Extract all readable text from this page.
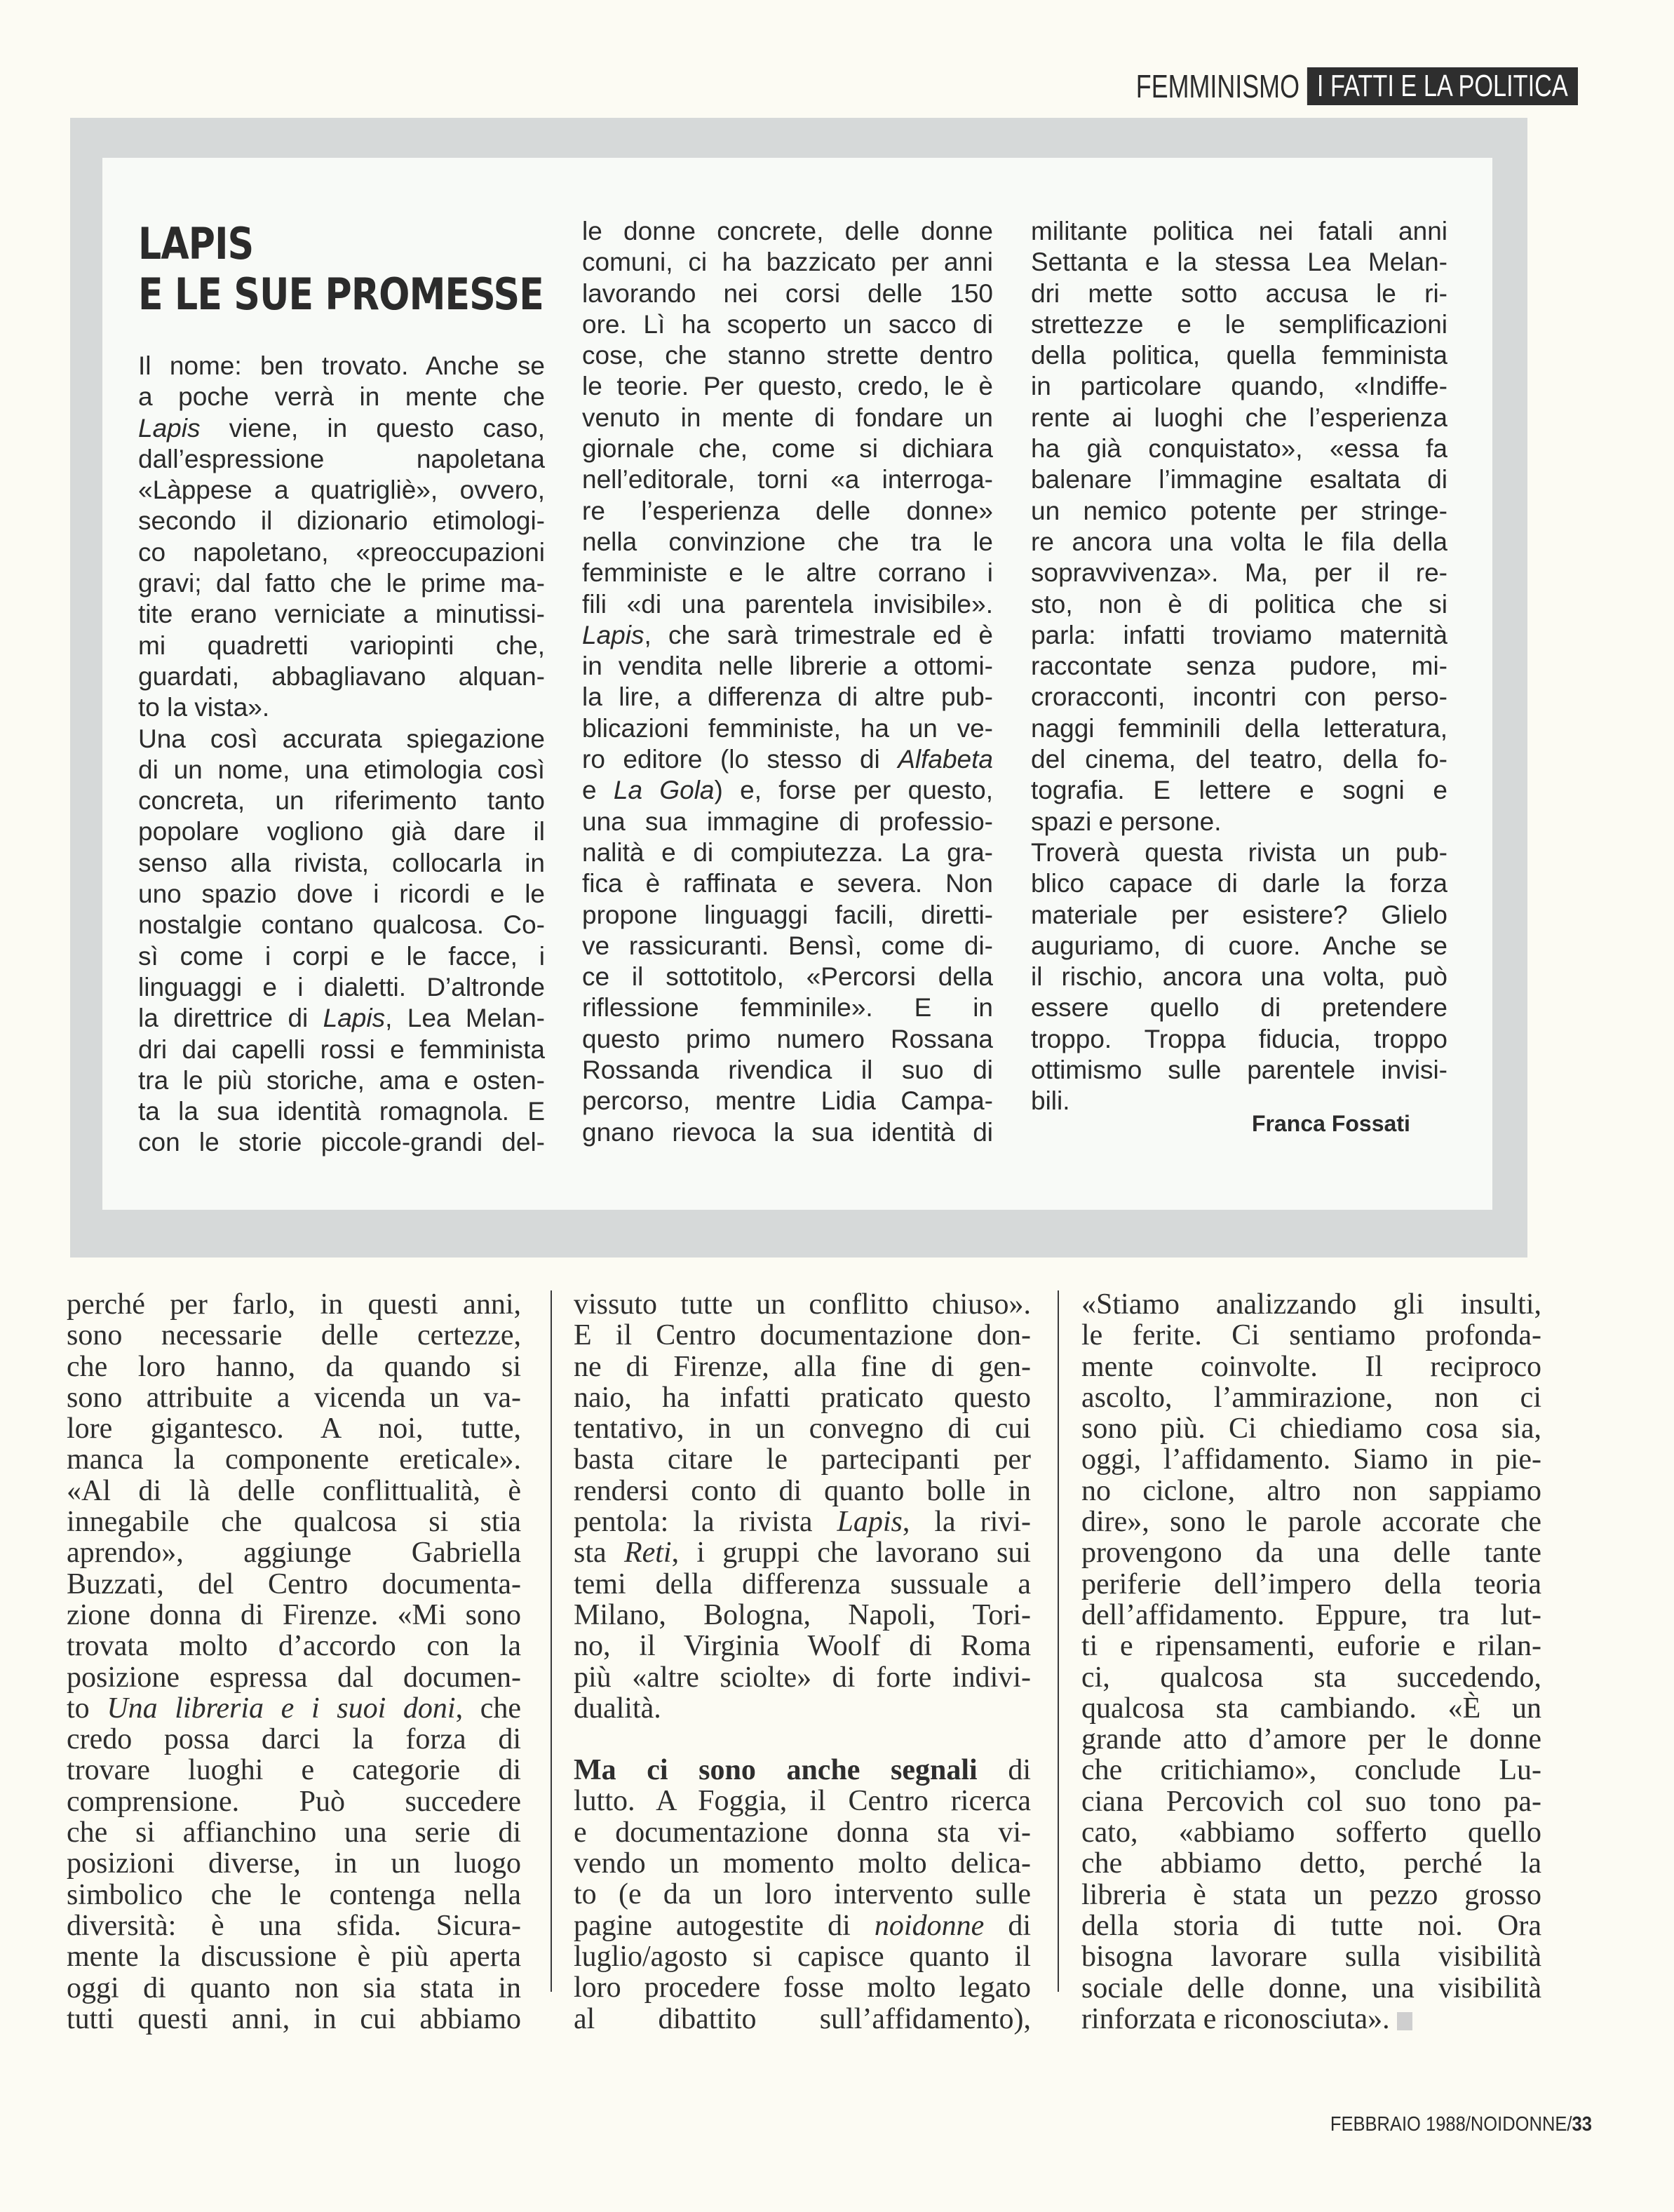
FEMMINISMO I FATTI E LA POLITICA
LAPIS
E LE SUE PROMESSE
Il nome: ben trovato. Anche se
a poche verrà in mente che
Lapis viene, in questo caso,
dall’espressione napoletana
«Làppese a quatrigliè», ovvero,
secondo il dizionario etimologi-
co napoletano, «preoccupazioni
gravi; dal fatto che le prime ma-
tite erano verniciate a minutissi-
mi quadretti variopinti che,
guardati, abbagliavano alquan-
to la vista».
Una così accurata spiegazione
di un nome, una etimologia così
concreta, un riferimento tanto
popolare vogliono già dare il
senso alla rivista, collocarla in
uno spazio dove i ricordi e le
nostalgie contano qualcosa. Co-
sì come i corpi e le facce, i
linguaggi e i dialetti. D’altronde
la direttrice di Lapis, Lea Melan-
dri dai capelli rossi e femminista
tra le più storiche, ama e osten-
ta la sua identità romagnola. E
con le storie piccole-grandi del-
le donne concrete, delle donne
comuni, ci ha bazzicato per anni
lavorando nei corsi delle 150
ore. Lì ha scoperto un sacco di
cose, che stanno strette dentro
le teorie. Per questo, credo, le è
venuto in mente di fondare un
giornale che, come si dichiara
nell’editorale, torni «a interroga-
re l’esperienza delle donne»
nella convinzione che tra le
femministe e le altre corrano i
fili «di una parentela invisibile».
Lapis, che sarà trimestrale ed è
in vendita nelle librerie a ottomi-
la lire, a differenza di altre pub-
blicazioni femministe, ha un ve-
ro editore (lo stesso di Alfabeta
e La Gola) e, forse per questo,
una sua immagine di professio-
nalità e di compiutezza. La gra-
fica è raffinata e severa. Non
propone linguaggi facili, diretti-
ve rassicuranti. Bensì, come di-
ce il sottotitolo, «Percorsi della
riflessione femminile». E in
questo primo numero Rossana
Rossanda rivendica il suo di
percorso, mentre Lidia Campa-
gnano rievoca la sua identità di
militante politica nei fatali anni
Settanta e la stessa Lea Melan-
dri mette sotto accusa le ri-
strettezze e le semplificazioni
della politica, quella femminista
in particolare quando, «Indiffe-
rente ai luoghi che l’esperienza
ha già conquistato», «essa fa
balenare l’immagine esaltata di
un nemico potente per stringe-
re ancora una volta le fila della
sopravvivenza». Ma, per il re-
sto, non è di politica che si
parla: infatti troviamo maternità
raccontate senza pudore, mi-
croracconti, incontri con perso-
naggi femminili della letteratura,
del cinema, del teatro, della fo-
tografia. E lettere e sogni e
spazi e persone.
Troverà questa rivista un pub-
blico capace di darle la forza
materiale per esistere? Glielo
auguriamo, di cuore. Anche se
il rischio, ancora una volta, può
essere quello di pretendere
troppo. Troppa fiducia, troppo
ottimismo sulle parentele invisi-
bili.
Franca Fossati
perché per farlo, in questi anni,
sono necessarie delle certezze,
che loro hanno, da quando si
sono attribuite a vicenda un va-
lore gigantesco. A noi, tutte,
manca la componente ereticale».
«Al di là delle conflittualità, è
innegabile che qualcosa si stia
aprendo», aggiunge Gabriella
Buzzati, del Centro documenta-
zione donna di Firenze. «Mi sono
trovata molto d’accordo con la
posizione espressa dal documen-
to Una libreria e i suoi doni, che
credo possa darci la forza di
trovare luoghi e categorie di
comprensione. Può succedere
che si affianchino una serie di
posizioni diverse, in un luogo
simbolico che le contenga nella
diversità: è una sfida. Sicura-
mente la discussione è più aperta
oggi di quanto non sia stata in
tutti questi anni, in cui abbiamo
vissuto tutte un conflitto chiuso».
E il Centro documentazione don-
ne di Firenze, alla fine di gen-
naio, ha infatti praticato questo
tentativo, in un convegno di cui
basta citare le partecipanti per
rendersi conto di quanto bolle in
pentola: la rivista Lapis, la rivi-
sta Reti, i gruppi che lavorano sui
temi della differenza sussuale a
Milano, Bologna, Napoli, Tori-
no, il Virginia Woolf di Roma
più «altre sciolte» di forte indivi-
dualità.
Ma ci sono anche segnali di
lutto. A Foggia, il Centro ricerca
e documentazione donna sta vi-
vendo un momento molto delica-
to (e da un loro intervento sulle
pagine autogestite di noidonne di
luglio/agosto si capisce quanto il
loro procedere fosse molto legato
al dibattito sull’affidamento),
«Stiamo analizzando gli insulti,
le ferite. Ci sentiamo profonda-
mente coinvolte. Il reciproco
ascolto, l’ammirazione, non ci
sono più. Ci chiediamo cosa sia,
oggi, l’affidamento. Siamo in pie-
no ciclone, altro non sappiamo
dire», sono le parole accorate che
provengono da una delle tante
periferie dell’impero della teoria
dell’affidamento. Eppure, tra lut-
ti e ripensamenti, euforie e rilan-
ci, qualcosa sta succedendo,
qualcosa sta cambiando. «È un
grande atto d’amore per le donne
che critichiamo», conclude Lu-
ciana Percovich col suo tono pa-
cato, «abbiamo sofferto quello
che abbiamo detto, perché la
libreria è stata un pezzo grosso
della storia di tutte noi. Ora
bisogna lavorare sulla visibilità
sociale delle donne, una visibilità
rinforzata e riconosciuta».
FEBBRAIO 1988/NOIDONNE/33
